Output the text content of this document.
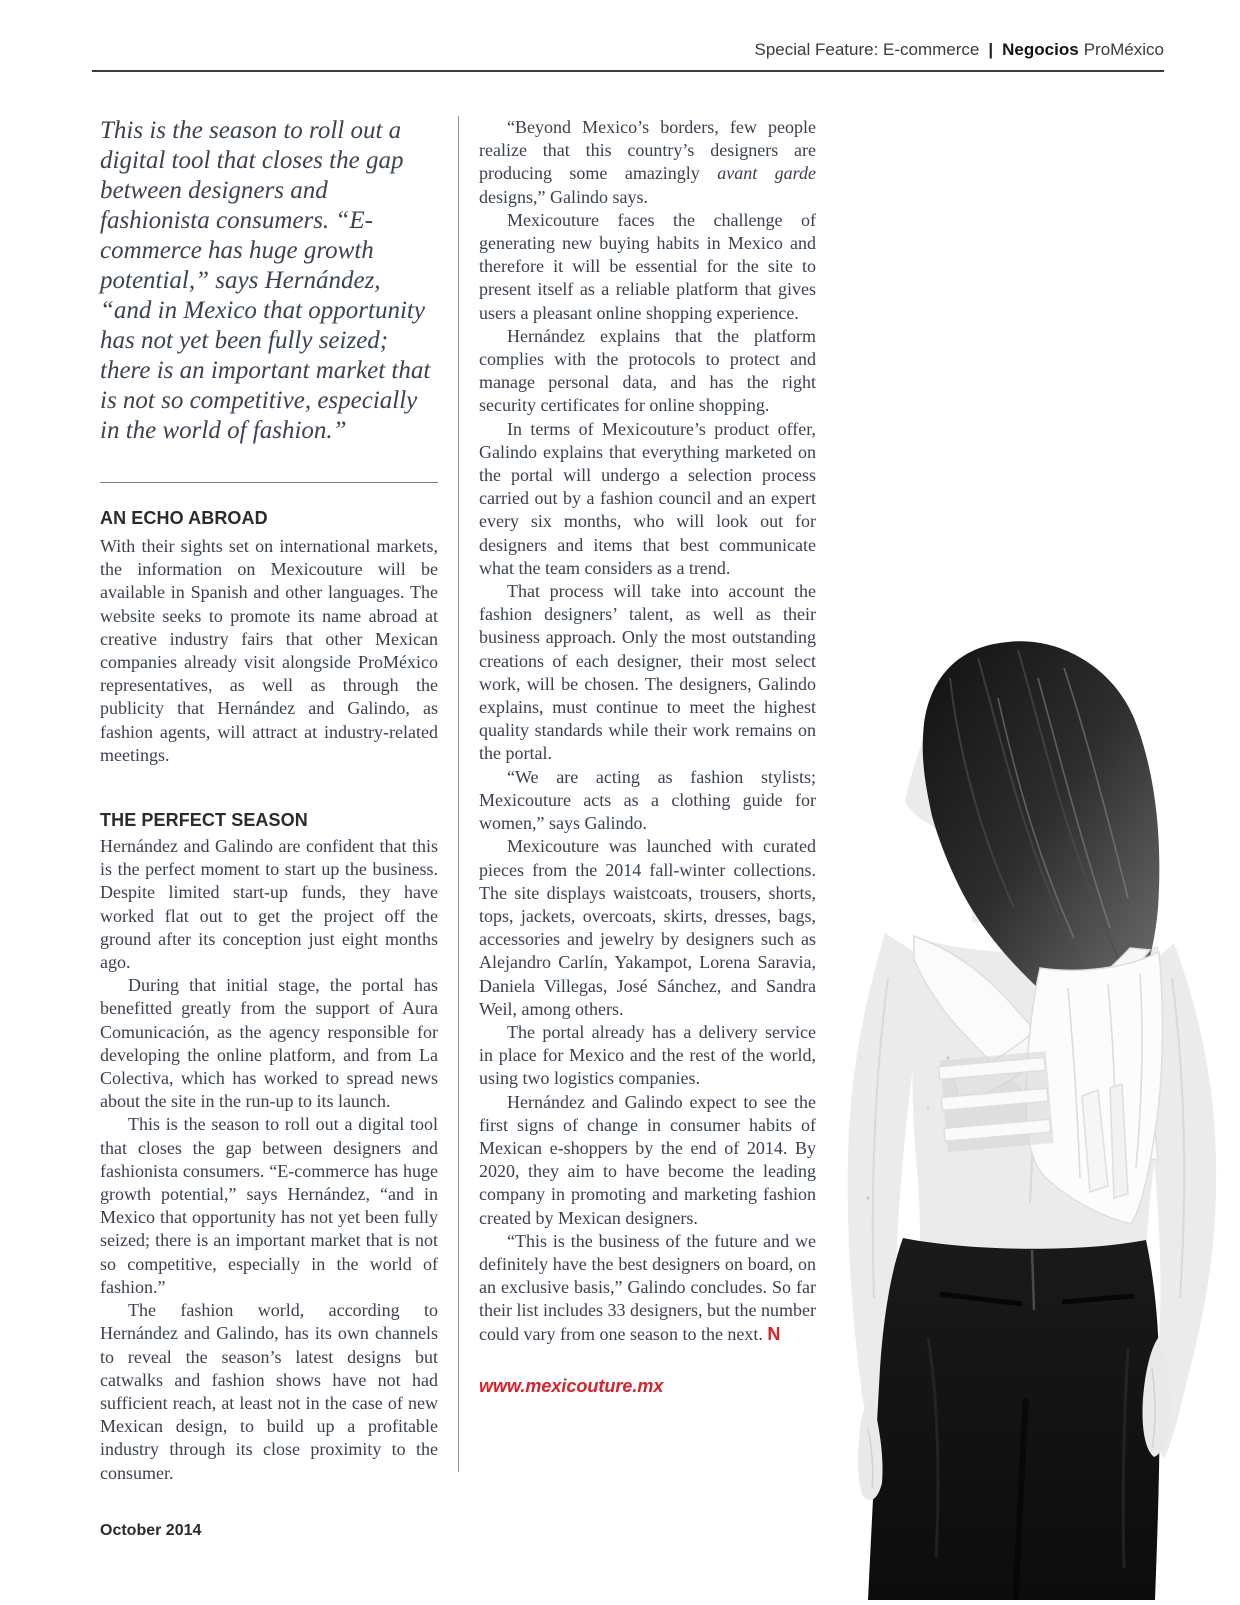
Special Feature: E-commerce | Negocios ProMéxico

This is the season to roll out a digital tool that closes the gap between designers and fashionista consumers. “E-commerce has huge growth potential,” says Hernández, “and in Mexico that opportunity has not yet been fully seized; there is an important market that is not so competitive, especially in the world of fashion.”

AN ECHO ABROAD

With their sights set on international markets, the information on Mexicouture will be available in Spanish and other languages. The website seeks to promote its name abroad at creative industry fairs that other Mexican companies already visit alongside ProMéxico representatives, as well as through the publicity that Hernández and Galindo, as fashion agents, will attract at industry-related meetings.

THE PERFECT SEASON

Hernández and Galindo are confident that this is the perfect moment to start up the business. Despite limited start-up funds, they have worked flat out to get the project off the ground after its conception just eight months ago.

During that initial stage, the portal has benefitted greatly from the support of Aura Comunicación, as the agency responsible for developing the online platform, and from La Colectiva, which has worked to spread news about the site in the run-up to its launch.

This is the season to roll out a digital tool that closes the gap between designers and fashionista consumers. “E-commerce has huge growth potential,” says Hernández, “and in Mexico that opportunity has not yet been fully seized; there is an important market that is not so competitive, especially in the world of fashion.”

The fashion world, according to Hernández and Galindo, has its own channels to reveal the season’s latest designs but catwalks and fashion shows have not had sufficient reach, at least not in the case of new Mexican design, to build up a profitable industry through its close proximity to the consumer.

“Beyond Mexico’s borders, few people realize that this country’s designers are producing some amazingly avant garde designs,” Galindo says.

Mexicouture faces the challenge of generating new buying habits in Mexico and therefore it will be essential for the site to present itself as a reliable platform that gives users a pleasant online shopping experience.

Hernández explains that the platform complies with the protocols to protect and manage personal data, and has the right security certificates for online shopping.

In terms of Mexicouture’s product offer, Galindo explains that everything marketed on the portal will undergo a selection process carried out by a fashion council and an expert every six months, who will look out for designers and items that best communicate what the team considers as a trend.

That process will take into account the fashion designers’ talent, as well as their business approach. Only the most outstanding creations of each designer, their most select work, will be chosen. The designers, Galindo explains, must continue to meet the highest quality standards while their work remains on the portal.

“We are acting as fashion stylists; Mexicouture acts as a clothing guide for women,” says Galindo.

Mexicouture was launched with curated pieces from the 2014 fall-winter collections. The site displays waistcoats, trousers, shorts, tops, jackets, overcoats, skirts, dresses, bags, accessories and jewelry by designers such as Alejandro Carlín, Yakampot, Lorena Saravia, Daniela Villegas, José Sánchez, and Sandra Weil, among others.

The portal already has a delivery service in place for Mexico and the rest of the world, using two logistics companies.

Hernández and Galindo expect to see the first signs of change in consumer habits of Mexican e-shoppers by the end of 2014. By 2020, they aim to have become the leading company in promoting and marketing fashion created by Mexican designers.

“This is the business of the future and we definitely have the best designers on board, on an exclusive basis,” Galindo concludes. So far their list includes 33 designers, but the number could vary from one season to the next. N

www.mexicouture.mx
October 2014
